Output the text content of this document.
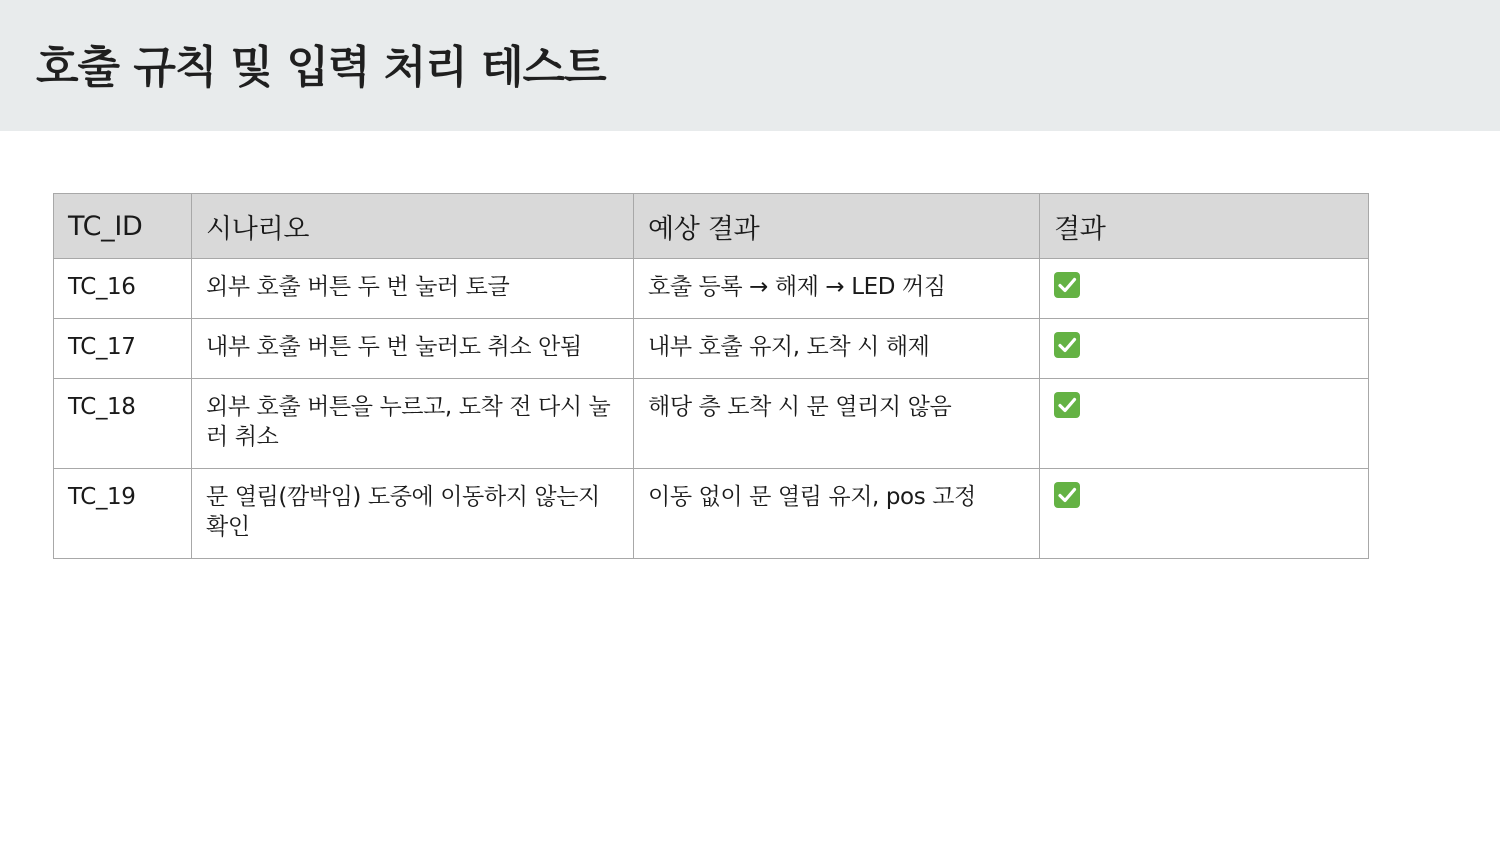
호출 규칙 및 입력 처리 테스트
TC_ID	시나리오	예상 결과	결과
TC_16	외부 호출 버튼 두 번 눌러 토글	호출 등록 → 해제 → LED 꺼짐	

TC_17	내부 호출 버튼 두 번 눌러도 취소 안됨	내부 호출 유지, 도착 시 해제	

TC_18	외부 호출 버튼을 누르고, 도착 전 다시 눌러 취소	해당 층 도착 시 문 열리지 않음	

TC_19	문 열림(깜박임) 도중에 이동하지 않는지 확인	이동 없이 문 열림 유지, pos 고정	
